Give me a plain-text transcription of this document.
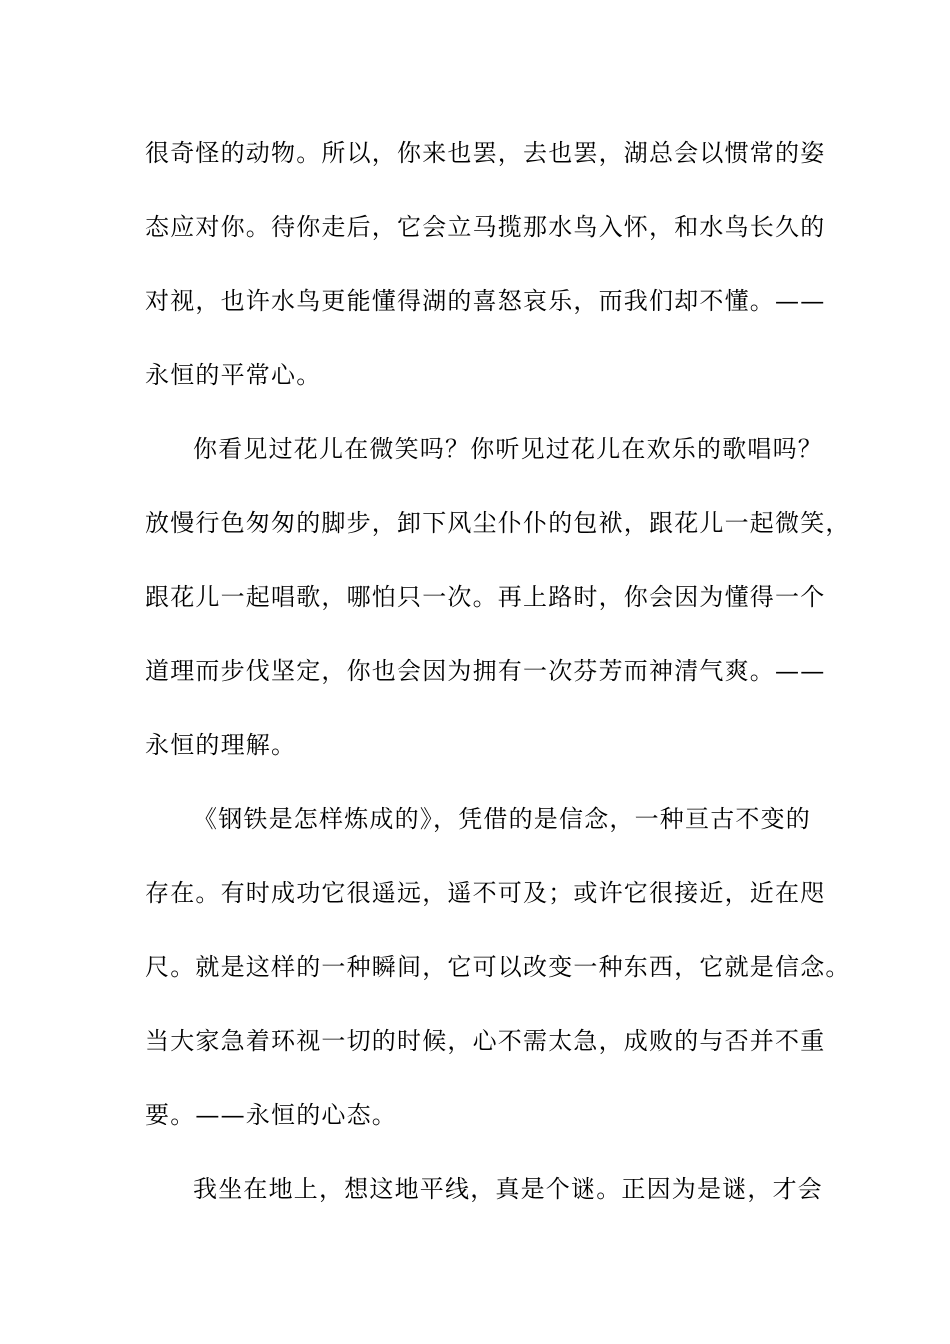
很奇怪的动物。所以，你来也罢，去也罢，湖总会以惯常的姿
态应对你。待你走后，它会立马揽那水鸟入怀，和水鸟长久的
对视，也许水鸟更能懂得湖的喜怒哀乐，而我们却不懂。——
永恒的平常心。
你看见过花儿在微笑吗？你听见过花儿在欢乐的歌唱吗？
放慢行色匆匆的脚步，卸下风尘仆仆的包袱，跟花儿一起微笑，
跟花儿一起唱歌，哪怕只一次。再上路时，你会因为懂得一个
道理而步伐坚定，你也会因为拥有一次芬芳而神清气爽。——
永恒的理解。
《钢铁是怎样炼成的》，凭借的是信念，一种亘古不变的
存在。有时成功它很遥远，遥不可及；或许它很接近，近在咫
尺。就是这样的一种瞬间，它可以改变一种东西，它就是信念。
当大家急着环视一切的时候，心不需太急，成败的与否并不重
要。——永恒的心态。
我坐在地上，想这地平线，真是个谜。正因为是谜，才会
